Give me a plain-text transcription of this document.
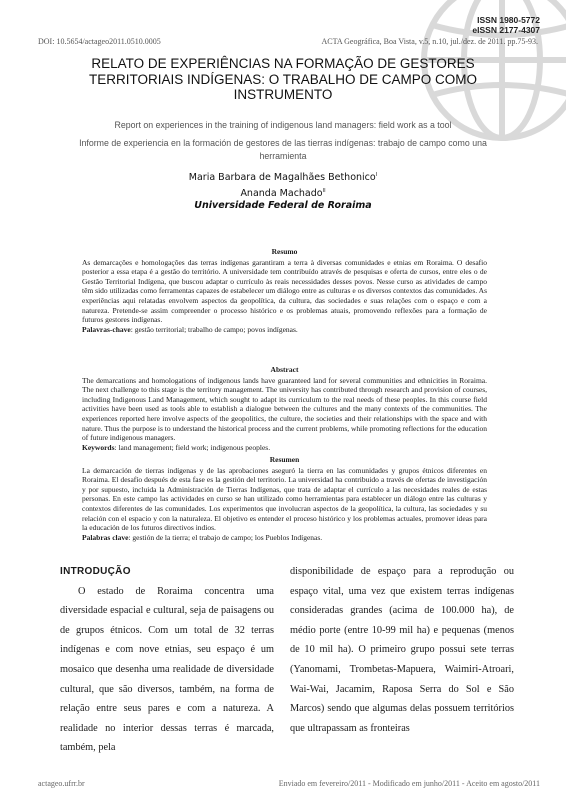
ISSN 1980-5772
eISSN 2177-4307
DOI: 10.5654/actageo2011.0510.0005	ACTA Geográfica, Boa Vista, v.5, n.10, jul./dez. de 2011. pp.75-93.
RELATO DE EXPERIÊNCIAS NA FORMAÇÃO DE GESTORES
TERRITORIAIS INDÍGENAS: O TRABALHO DE CAMPO COMO
INSTRUMENTO
Report on experiences in the training of indigenous land managers: field work as a tool
Informe de experiencia en la formación de gestores de las tierras indígenas: trabajo de campo como una herramienta
Maria Barbara de Magalhães Bethonico$^I$
Ananda Machado$^{II}$
Universidade Federal de Roraima
Resumo

As demarcações e homologações das terras indígenas garantiram a terra à diversas comunidades e etnias em Roraima. O desafio posterior a essa etapa é a gestão do território. A universidade tem contribuído através de pesquisas e oferta de cursos, entre eles o de Gestão Territorial Indígena, que buscou adaptar o currículo às reais necessidades desses povos. Nesse curso as atividades de campo têm sido utilizadas como ferramentas capazes de estabelecer um diálogo entre as culturas e os diversos contextos das comunidades. As experiências aqui relatadas envolvem aspectos da geopolítica, da cultura, das sociedades e suas relações com o espaço e com a natureza. Pretende-se assim compreender o processo histórico e os problemas atuais, promovendo reflexões para a formação de futuros gestores indígenas.

Palavras-chave: gestão territorial; trabalho de campo; povos indígenas.

Abstract

The demarcations and homologations of indigenous lands have guaranteed land for several communities and ethnicities in Roraima. The next challenge to this stage is the territory management. The university has contributed through research and provision of courses, including Indigenous Land Management, which sought to adapt its curriculum to the real needs of these peoples. In this course field activities have been used as tools able to establish a dialogue between the cultures and the many contexts of the communities. The experiences reported here involve aspects of the geopolitics, the culture, the societies and their relationships with the space and with nature. Thus the purpose is to understand the historical process and the current problems, while promoting reflections for the education of future indigenous managers.

Keywords: land management; field work; indigenous peoples.

Resumen

La demarcación de tierras indígenas y de las aprobaciones aseguró la tierra en las comunidades y grupos étnicos diferentes en Roraima. El desafío después de esta fase es la gestión del territorio. La universidad ha contribuido a través de ofertas de investigación y por supuesto, incluida la Administración de Tierras Indígenas, que trata de adaptar el currículo a las necesidades reales de estas personas. En este campo las actividades en curso se han utilizado como herramientas para establecer un diálogo entre las culturas y contextos diferentes de las comunidades. Los experimentos que involucran aspectos de la geopolítica, la cultura, las sociedades y su relación con el espacio y con la naturaleza. El objetivo es entender el proceso histórico y los problemas actuales, promover ideas para la educación de los futuros directivos indios.

Palabras clave: gestión de la tierra; el trabajo de campo; los Pueblos Indígenas.

INTRODUÇÃO

O estado de Roraima concentra uma diversidade espacial e cultural, seja de paisagens ou de grupos étnicos. Com um total de 32 terras indígenas e com nove etnias, seu espaço é um mosaico que desenha uma realidade de diversidade cultural, que são diversos, também, na forma de relação entre seus pares e com a natureza. A realidade no interior dessas terras é marcada, também, pela

disponibilidade de espaço para a reprodução ou espaço vital, uma vez que existem terras indígenas consideradas grandes (acima de 100.000 ha), de médio porte (entre 10-99 mil ha) e pequenas (menos de 10 mil ha). O primeiro grupo possui sete terras (Yanomami, Trombetas-Mapuera, Waimiri-Atroari, Wai-Wai, Jacamim, Raposa Serra do Sol e São Marcos) sendo que algumas delas possuem territórios que ultrapassam as fronteiras

actageo.ufrr.br	Enviado em fevereiro/2011 - Modificado em junho/2011 - Aceito em agosto/2011
